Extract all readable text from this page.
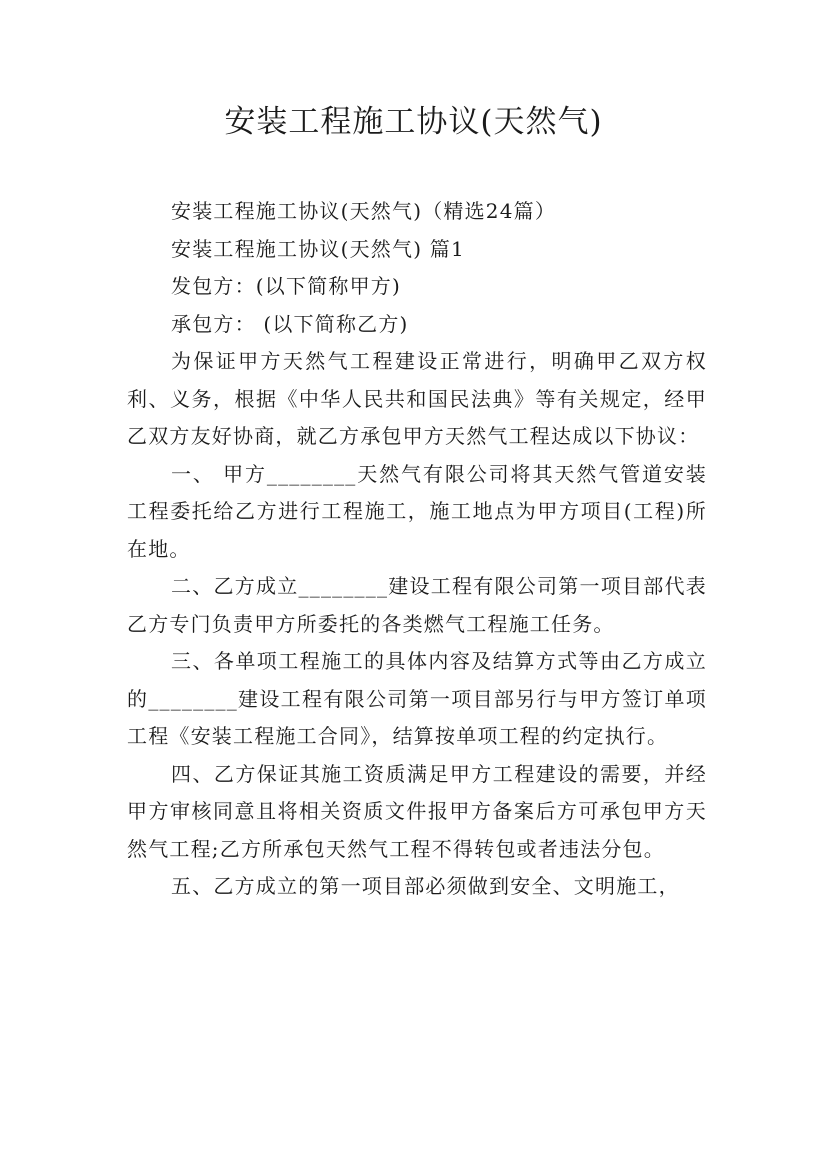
安装工程施工协议(天然气)

安装工程施工协议(天然气)（精选24篇）

安装工程施工协议(天然气) 篇1

发包方：(以下简称甲方)

承包方： (以下简称乙方)

为保证甲方天然气工程建设正常进行，明确甲乙双方权利、义务，根据《中华人民共和国民法典》等有关规定，经甲乙双方友好协商，就乙方承包甲方天然气工程达成以下协议：

一、 甲方________天然气有限公司将其天然气管道安装工程委托给乙方进行工程施工，施工地点为甲方项目(工程)所在地。

二、乙方成立________建设工程有限公司第一项目部代表乙方专门负责甲方所委托的各类燃气工程施工任务。

三、各单项工程施工的具体内容及结算方式等由乙方成立的________建设工程有限公司第一项目部另行与甲方签订单项工程《安装工程施工合同》，结算按单项工程的约定执行。

四、乙方保证其施工资质满足甲方工程建设的需要，并经甲方审核同意且将相关资质文件报甲方备案后方可承包甲方天然气工程;乙方所承包天然气工程不得转包或者违法分包。

五、乙方成立的第一项目部必须做到安全、文明施工，
